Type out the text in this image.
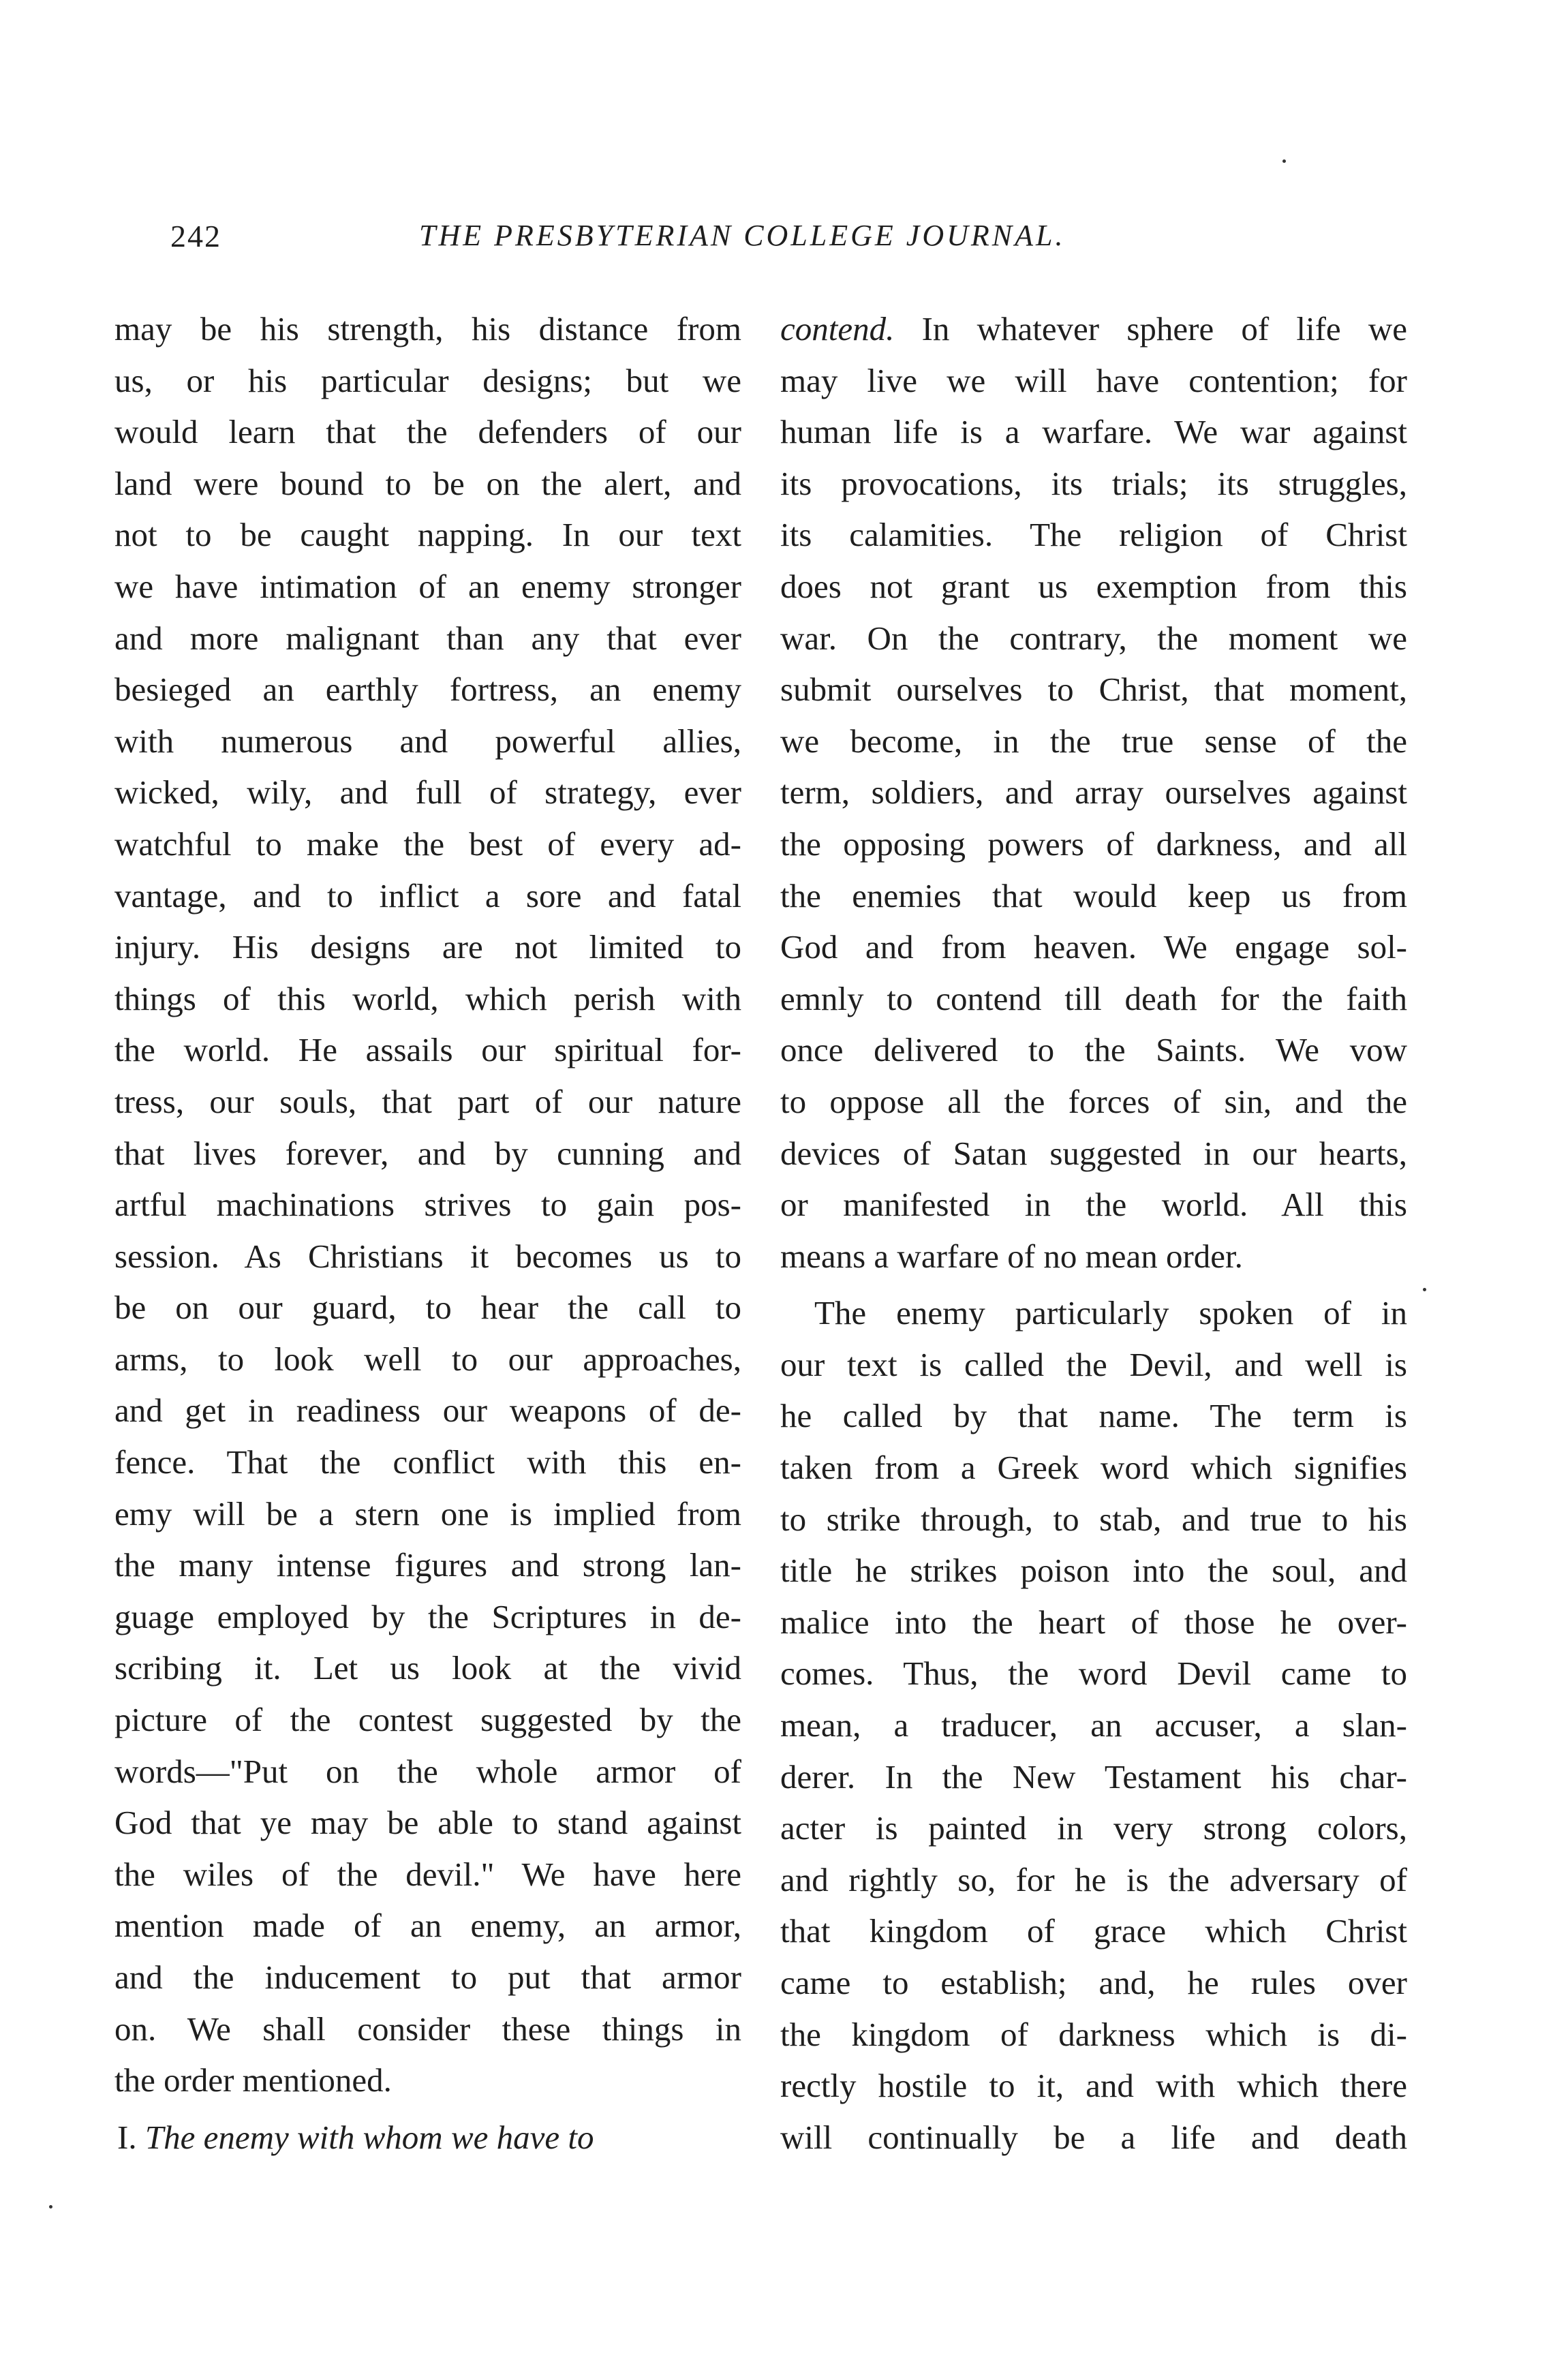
242	THE PRESBYTERIAN COLLEGE JOURNAL.
may be his strength, his distance from
us, or his particular designs; but we
would learn that the defenders of our
land were bound to be on the alert, and
not to be caught napping. In our text
we have intimation of an enemy stronger
and more malignant than any that ever
besieged an earthly fortress, an enemy
with numerous and powerful allies,
wicked, wily, and full of strategy, ever
watchful to make the best of every ad-
vantage, and to inflict a sore and fatal
injury. His designs are not limited to
things of this world, which perish with
the world. He assails our spiritual for-
tress, our souls, that part of our nature
that lives forever, and by cunning and
artful machinations strives to gain pos-
session. As Christians it becomes us to
be on our guard, to hear the call to
arms, to look well to our approaches,
and get in readiness our weapons of de-
fence. That the conflict with this en-
emy will be a stern one is implied from
the many intense figures and strong lan-
guage employed by the Scriptures in de-
scribing it. Let us look at the vivid
picture of the contest suggested by the
words—"Put on the whole armor of
God that ye may be able to stand against
the wiles of the devil." We have here
mention made of an enemy, an armor,
and the inducement to put that armor
on. We shall consider these things in
the order mentioned.
I. The enemy with whom we have to
contend. In whatever sphere of life we
may live we will have contention; for
human life is a warfare. We war against
its provocations, its trials; its struggles,
its calamities. The religion of Christ
does not grant us exemption from this
war. On the contrary, the moment we
submit ourselves to Christ, that moment,
we become, in the true sense of the
term, soldiers, and array ourselves against
the opposing powers of darkness, and all
the enemies that would keep us from
God and from heaven. We engage sol-
emnly to contend till death for the faith
once delivered to the Saints. We vow
to oppose all the forces of sin, and the
devices of Satan suggested in our hearts,
or manifested in the world. All this
means a warfare of no mean order.
The enemy particularly spoken of in
our text is called the Devil, and well is
he called by that name. The term is
taken from a Greek word which signifies
to strike through, to stab, and true to his
title he strikes poison into the soul, and
malice into the heart of those he over-
comes. Thus, the word Devil came to
mean, a traducer, an accuser, a slan-
derer. In the New Testament his char-
acter is painted in very strong colors,
and rightly so, for he is the adversary of
that kingdom of grace which Christ
came to establish; and, he rules over
the kingdom of darkness which is di-
rectly hostile to it, and with which there
will continually be a life and death
